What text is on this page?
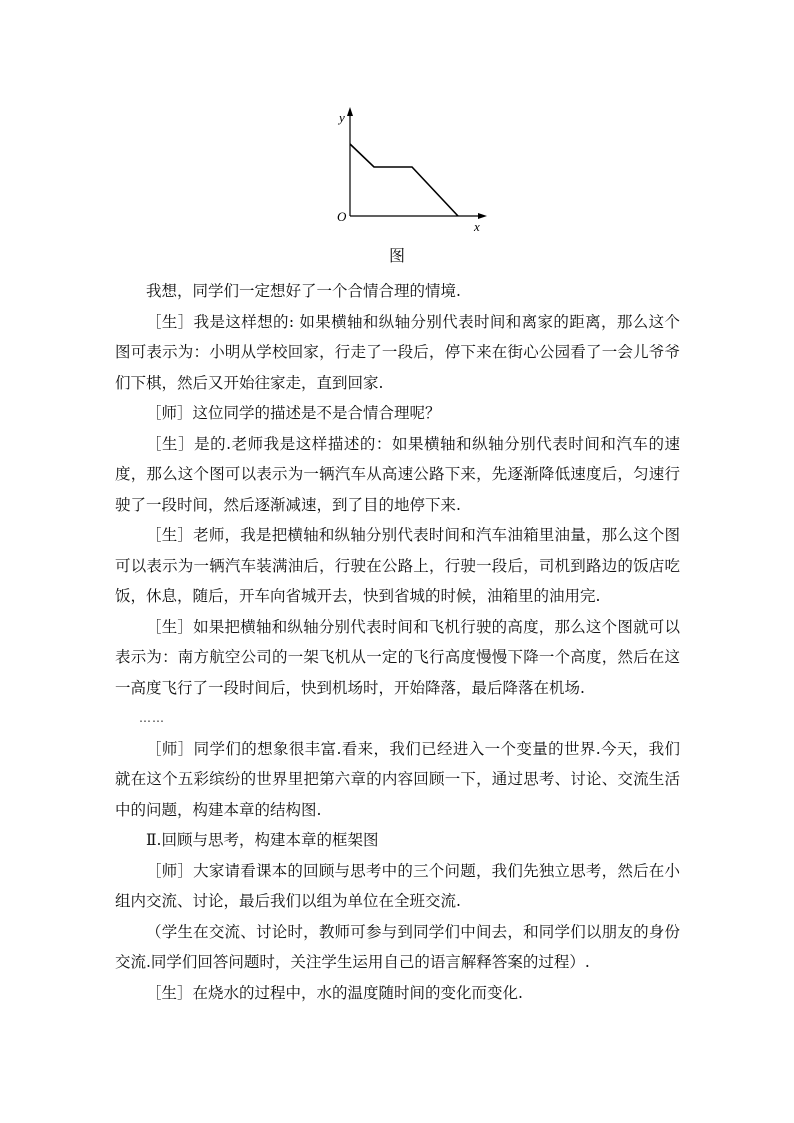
y
x
O
图

我想，同学们一定想好了一个合情合理的情境.

［生］我是这样想的: 如果横轴和纵轴分别代表时间和离家的距离，那么这个图可表示为：小明从学校回家，行走了一段后，停下来在街心公园看了一会儿爷爷们下棋，然后又开始往家走，直到回家.

［师］这位同学的描述是不是合情合理呢？

［生］是的.老师我是这样描述的：如果横轴和纵轴分别代表时间和汽车的速度，那么这个图可以表示为一辆汽车从高速公路下来，先逐渐降低速度后，匀速行驶了一段时间，然后逐渐减速，到了目的地停下来.

［生］老师，我是把横轴和纵轴分别代表时间和汽车油箱里油量，那么这个图可以表示为一辆汽车装满油后，行驶在公路上，行驶一段后，司机到路边的饭店吃饭，休息，随后，开车向省城开去，快到省城的时候，油箱里的油用完.

［生］如果把横轴和纵轴分别代表时间和飞机行驶的高度，那么这个图就可以表示为：南方航空公司的一架飞机从一定的飞行高度慢慢下降一个高度，然后在这一高度飞行了一段时间后，快到机场时，开始降落，最后降落在机场.

……

［师］同学们的想象很丰富.看来，我们已经进入一个变量的世界.今天，我们就在这个五彩缤纷的世界里把第六章的内容回顾一下，通过思考、讨论、交流生活中的问题，构建本章的结构图.

Ⅱ.回顾与思考，构建本章的框架图

［师］大家请看课本的回顾与思考中的三个问题，我们先独立思考，然后在小组内交流、讨论，最后我们以组为单位在全班交流.

（学生在交流、讨论时，教师可参与到同学们中间去，和同学们以朋友的身份交流.同学们回答问题时，关注学生运用自己的语言解释答案的过程）.

［生］在烧水的过程中，水的温度随时间的变化而变化.
